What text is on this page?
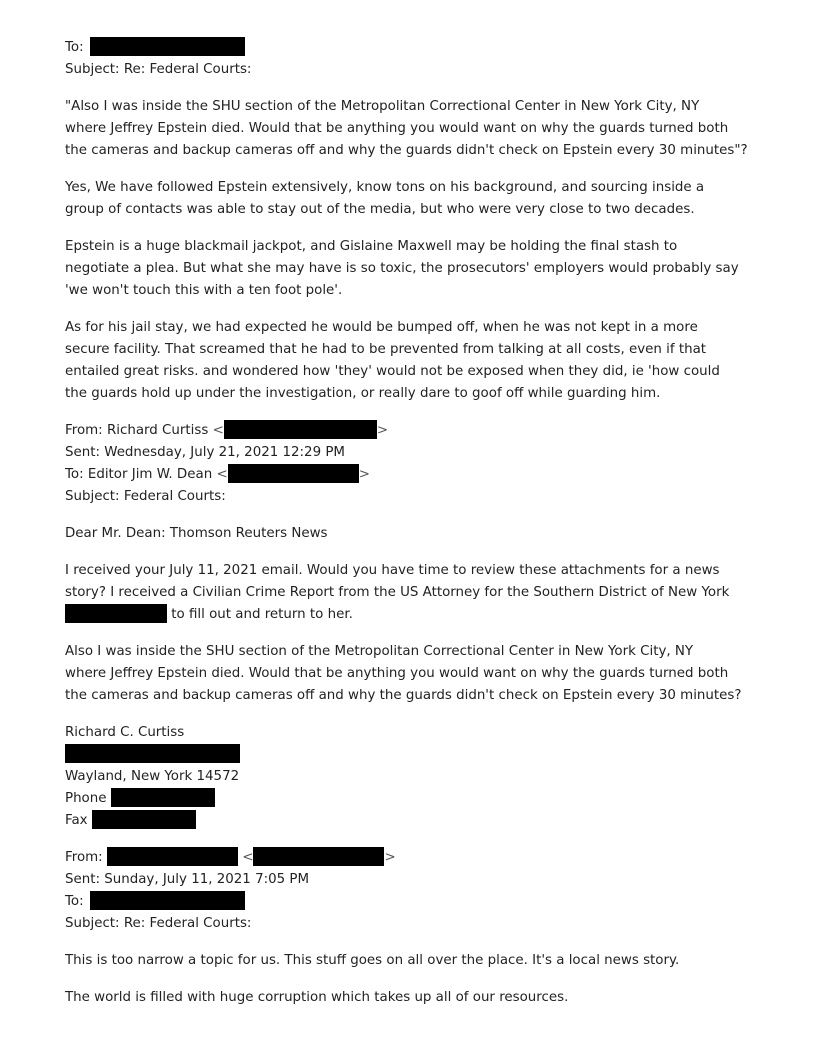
To:
Subject: Re: Federal Courts:
"Also I was inside the SHU section of the Metropolitan Correctional Center in New York City, NY
where Jeffrey Epstein died. Would that be anything you would want on why the guards turned both
the cameras and backup cameras off and why the guards didn't check on Epstein every 30 minutes"?
Yes, We have followed Epstein extensively, know tons on his background, and sourcing inside a
group of contacts was able to stay out of the media, but who were very close to two decades.
Epstein is a huge blackmail jackpot, and Gislaine Maxwell may be holding the final stash to
negotiate a plea. But what she may have is so toxic, the prosecutors' employers would probably say
'we won't touch this with a ten foot pole'.
As for his jail stay, we had expected he would be bumped off, when he was not kept in a more
secure facility. That screamed that he had to be prevented from talking at all costs, even if that
entailed great risks. and wondered how 'they' would not be exposed when they did, ie 'how could
the guards hold up under the investigation, or really dare to goof off while guarding him.
From: Richard Curtiss <	>
Sent: Wednesday, July 21, 2021 12:29 PM
To: Editor Jim W. Dean <	>
Subject: Federal Courts:
Dear Mr. Dean: Thomson Reuters News
I received your July 11, 2021 email. Would you have time to review these attachments for a news
story? I received a Civilian Crime Report from the US Attorney for the Southern District of New York
to fill out and return to her.
Also I was inside the SHU section of the Metropolitan Correctional Center in New York City, NY
where Jeffrey Epstein died. Would that be anything you would want on why the guards turned both
the cameras and backup cameras off and why the guards didn't check on Epstein every 30 minutes?
Richard C. Curtiss
Wayland, New York 14572
Phone
Fax
From:	<	>
Sent: Sunday, July 11, 2021 7:05 PM
To:
Subject: Re: Federal Courts:
This is too narrow a topic for us. This stuff goes on all over the place. It's a local news story.
The world is filled with huge corruption which takes up all of our resources.
